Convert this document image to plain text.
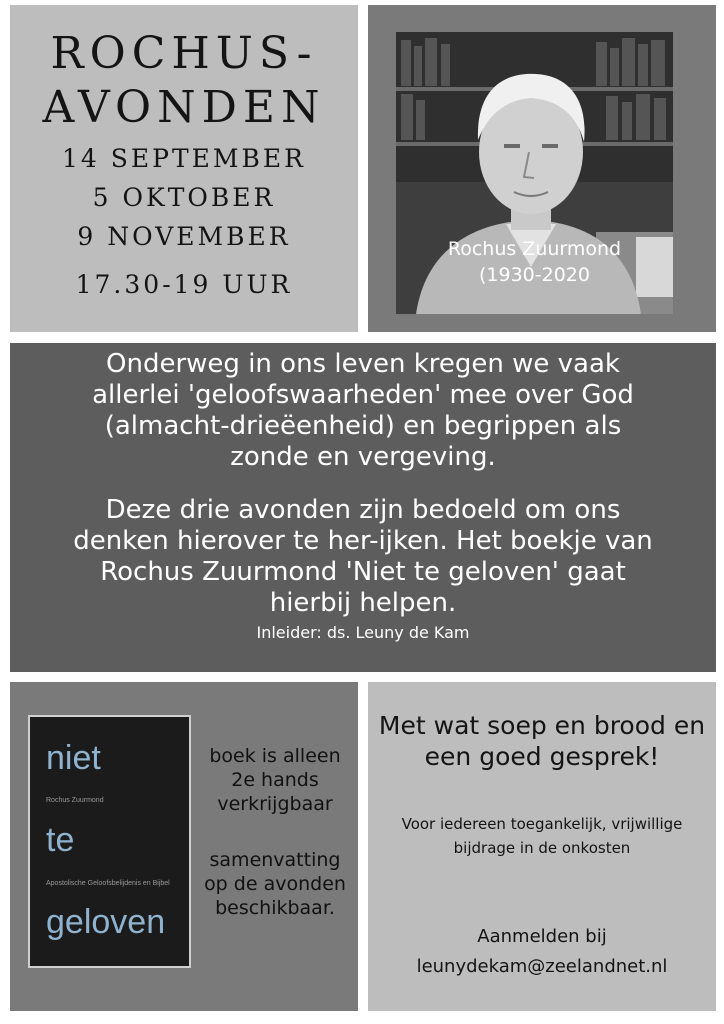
ROCHUS-
AVONDEN
14 SEPTEMBER
5 OKTOBER
9 NOVEMBER
17.30-19 UUR
Rochus Zuurmond
(1930-2020

Onderweg in ons leven kregen we vaak allerlei 'geloofswaarheden' mee over God (almacht-drieëenheid) en begrippen als zonde en vergeving.

Deze drie avonden zijn bedoeld om ons denken hierover te her-ijken. Het boekje van Rochus Zuurmond 'Niet te geloven' gaat hierbij helpen.

Inleider: ds. Leuny de Kam
niet
Rochus Zuurmond
te
Apostolische Geloofsbelijdenis en Bijbel
geloven
boek is alleen 2e hands verkrijgbaar
samenvatting op de avonden beschikbaar.
Met wat soep en brood en een goed gesprek!
Voor iedereen toegankelijk, vrijwillige bijdrage in de onkosten
Aanmelden bij
leunydekam@zeelandnet.nl
